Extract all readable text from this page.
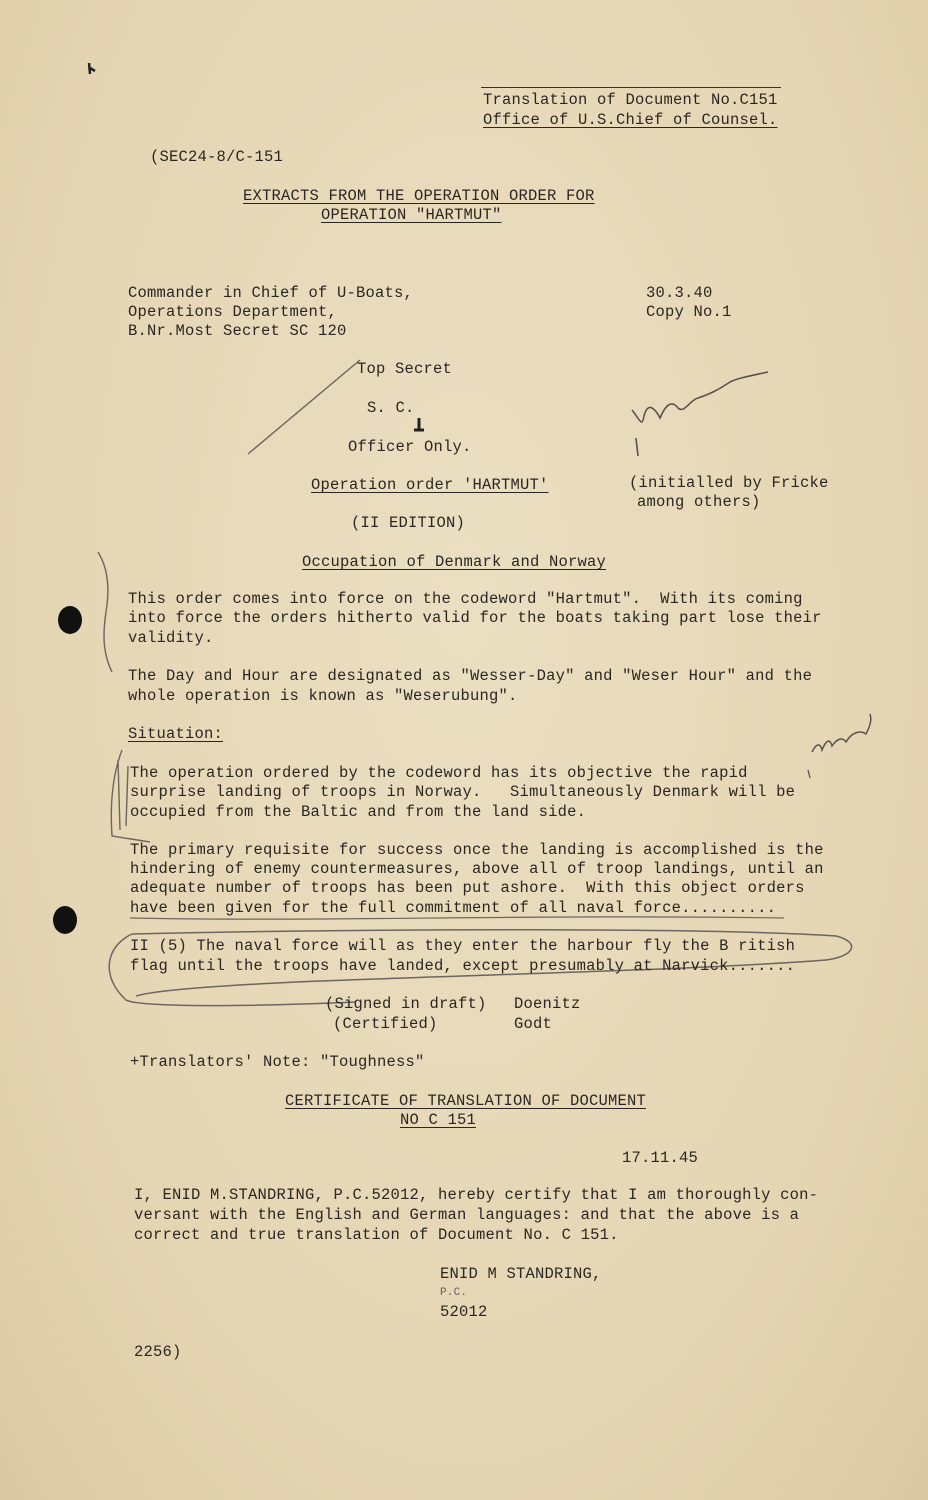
Translation of Document No.C151
Office of U.S.Chief of Counsel.
(SEC24-8/C-151
EXTRACTS FROM THE OPERATION ORDER FOR
OPERATION "HARTMUT"
Commander in Chief of U-Boats,
Operations Department,
B.Nr.Most Secret SC 120
30.3.40
Copy No.1
Top Secret
S. C.
Officer Only.
Operation order 'HARTMUT'
(II EDITION)
Occupation of Denmark and Norway
(initialled by Fricke
among others)
This order comes into force on the codeword "Hartmut".  With its coming
into force the orders hitherto valid for the boats taking part lose their
validity.
The Day and Hour are designated as "Wesser-Day" and "Weser Hour" and the
whole operation is known as "Weserubung".
Situation:
The operation ordered by the codeword has its objective the rapid
surprise landing of troops in Norway.   Simultaneously Denmark will be
occupied from the Baltic and from the land side.
The primary requisite for success once the landing is accomplished is the
hindering of enemy countermeasures, above all of troop landings, until an
adequate number of troops has been put ashore.  With this object orders
have been given for the full commitment of all naval force..........
II (5) The naval force will as they enter the harbour fly the B ritish
flag until the troops have landed, except presumably at Narvick.......
(Signed in draft)
(Certified)
Doenitz
Godt
+Translators' Note: "Toughness"
CERTIFICATE OF TRANSLATION OF DOCUMENT
NO C 151
17.11.45
I, ENID M.STANDRING, P.C.52012, hereby certify that I am thoroughly con-
versant with the English and German languages: and that the above is a
correct and true translation of Document No. C 151.
ENID M STANDRING,
P.C.
52012
2256)
